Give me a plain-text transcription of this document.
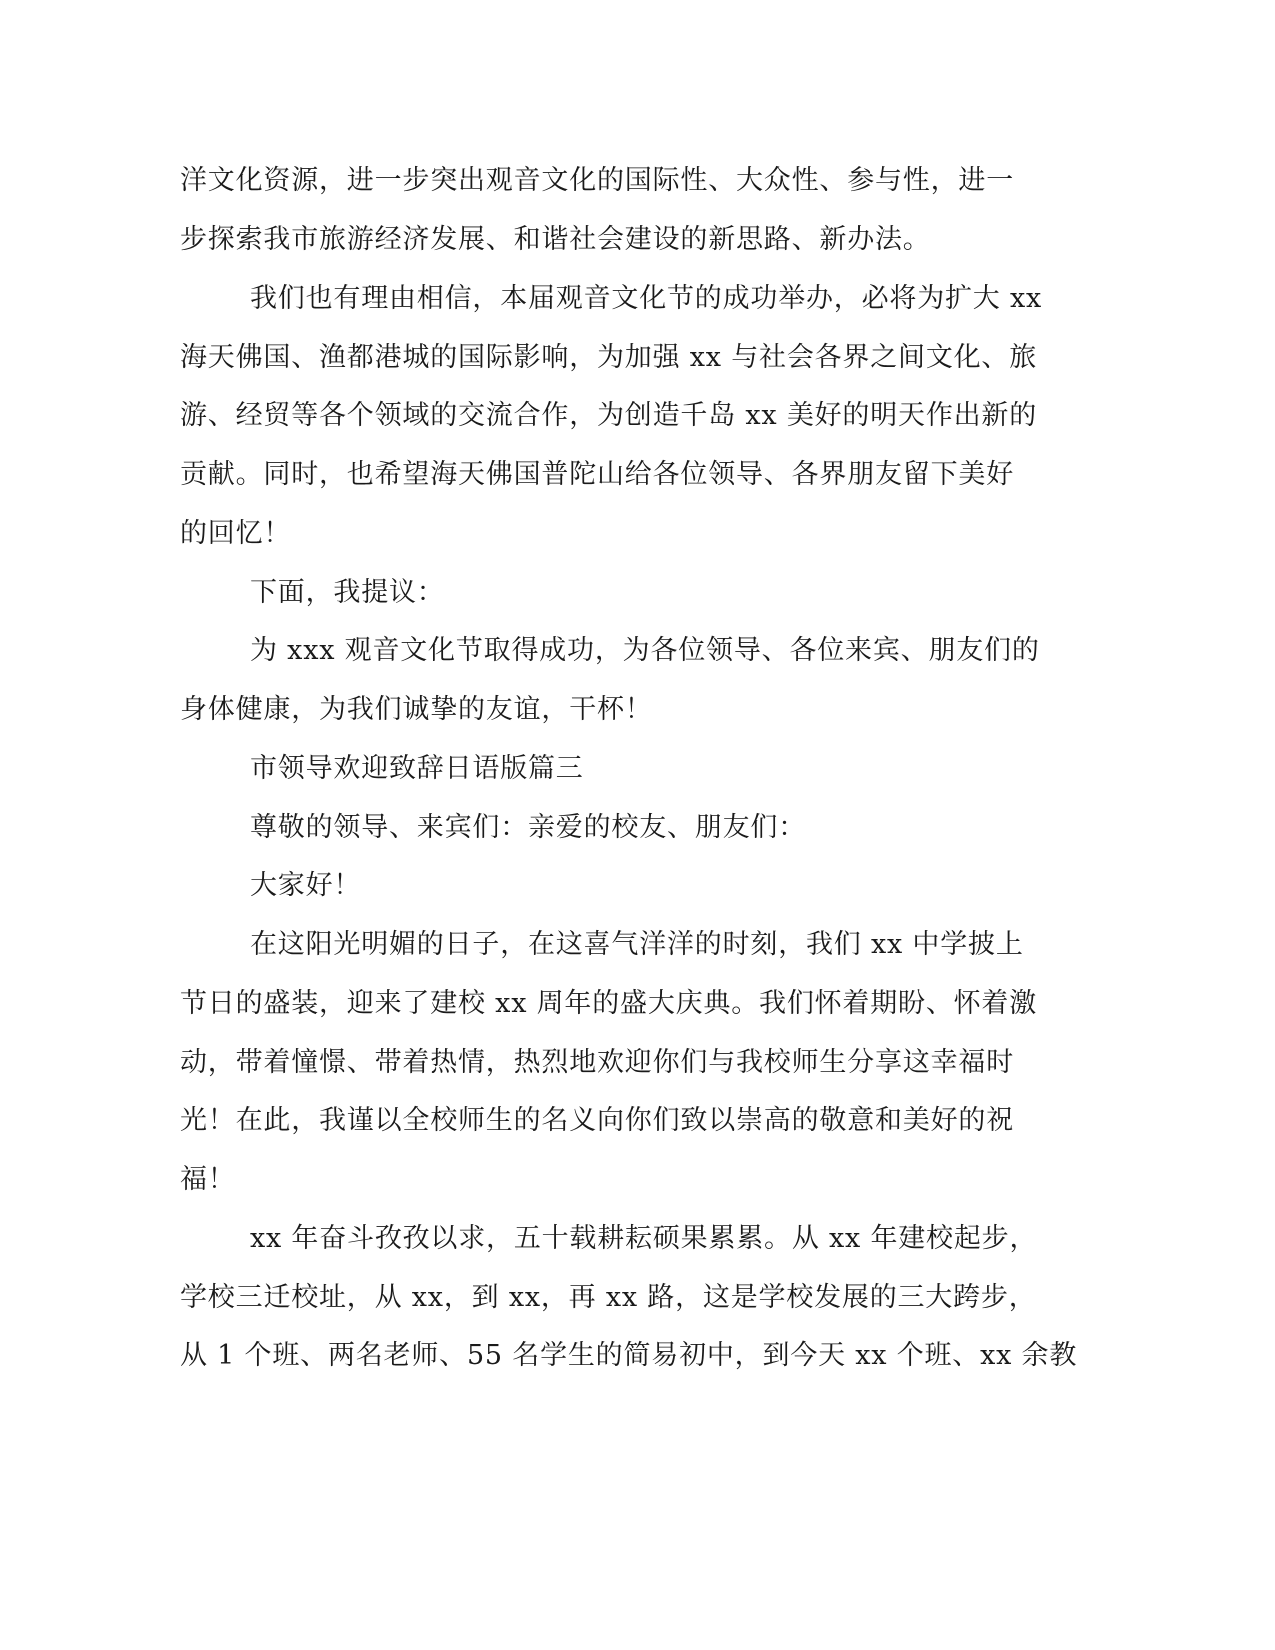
洋文化资源，进一步突出观音文化的国际性、大众性、参与性，进一
步探索我市旅游经济发展、和谐社会建设的新思路、新办法。
我们也有理由相信，本届观音文化节的成功举办，必将为扩大 xx
海天佛国、渔都港城的国际影响，为加强 xx 与社会各界之间文化、旅
游、经贸等各个领域的交流合作，为创造千岛 xx 美好的明天作出新的
贡献。同时，也希望海天佛国普陀山给各位领导、各界朋友留下美好
的回忆！
下面，我提议：
为 xxx 观音文化节取得成功，为各位领导、各位来宾、朋友们的
身体健康，为我们诚挚的友谊，干杯！
市领导欢迎致辞日语版篇三
尊敬的领导、来宾们：亲爱的校友、朋友们：
大家好！
在这阳光明媚的日子，在这喜气洋洋的时刻，我们 xx 中学披上
节日的盛装，迎来了建校 xx 周年的盛大庆典。我们怀着期盼、怀着激
动，带着憧憬、带着热情，热烈地欢迎你们与我校师生分享这幸福时
光！在此，我谨以全校师生的名义向你们致以崇高的敬意和美好的祝
福！
xx 年奋斗孜孜以求，五十载耕耘硕果累累。从 xx 年建校起步，
学校三迁校址，从 xx，到 xx，再 xx 路，这是学校发展的三大跨步，
从 1 个班、两名老师、55 名学生的简易初中，到今天 xx 个班、xx 余教
